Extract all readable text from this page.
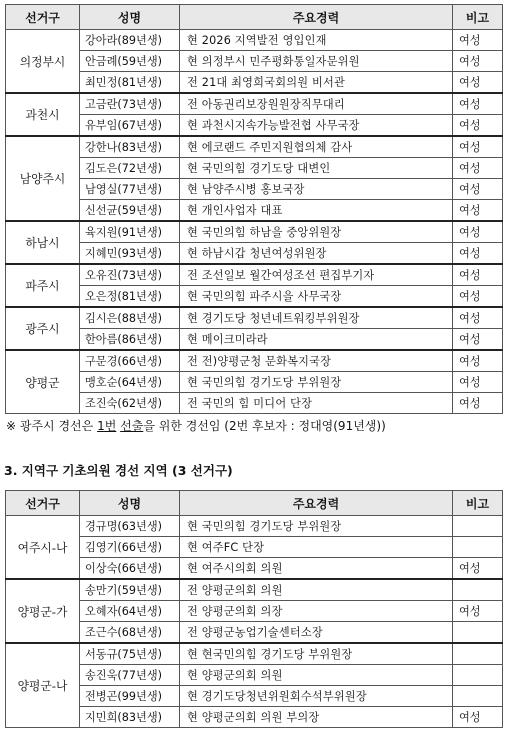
선거구	성명	주요경력	비고
의정부시	강아라(89년생)	현 2026 지역발전 영입인재	여성
	안금례(59년생)	현 의정부시 민주평화통일자문위원	여성
	최민정(81년생)	전 21대 최영희국회의원 비서관	여성
과천시	고금란(73년생)	전 아동권리보장원원장직무대리	여성
	유부임(67년생)	현 과천시지속가능발전협 사무국장	여성
남양주시	강한나(83년생)	현 에코랜드 주민지원협의체 감사	여성
	김도은(72년생)	현 국민의힘 경기도당 대변인	여성
	남영실(77년생)	현 남양주시병 홍보국장	여성
	신선균(59년생)	현 개인사업자 대표	여성
하남시	육지원(91년생)	현 국민의힘 하남을 중앙위원장	여성
	지혜민(93년생)	현 하남시갑 청년여성위원장	여성
파주시	오유진(73년생)	전 조선일보 월간여성조선 편집부기자	여성
	오은정(81년생)	현 국민의힘 파주시을 사무국장	여성
광주시	김시은(88년생)	현 경기도당 청년네트워킹부위원장	여성
	한아름(86년생)	현 메이크미라라	여성
양평군	구문경(66년생)	전 전)양평군청 문화복지국장	여성
	맹호순(64년생)	현 국민의힘 경기도당 부위원장	여성
	조진숙(62년생)	전 국민의 힘 미디어 단장	여성
※ 광주시 경선은 1번 선출을 위한 경선임 (2번 후보자 : 정대영(91년생))
3. 지역구 기초의원 경선 지역 (3 선거구)
선거구	성명	주요경력	비고
여주시-나	경규명(63년생)	현 국민의힘 경기도당 부위원장	
	김영기(66년생)	현 여주FC 단장	
	이상숙(66년생)	현 여주시의회 의원	여성
양평군-가	송만기(59년생)	전 양평군의회 의원	
	오혜자(64년생)	전 양평군의회 의장	여성
	조근수(68년생)	전 양평군농업기술센터소장	
양평군-나	서동규(75년생)	현 현국민의힘 경기도당 부위원장	
	송진욱(77년생)	현 양평군의회 의원	
	전병곤(99년생)	현 경기도당청년위원회수석부위원장	
	지민희(83년생)	현 양평군의회 의원 부의장	여성
